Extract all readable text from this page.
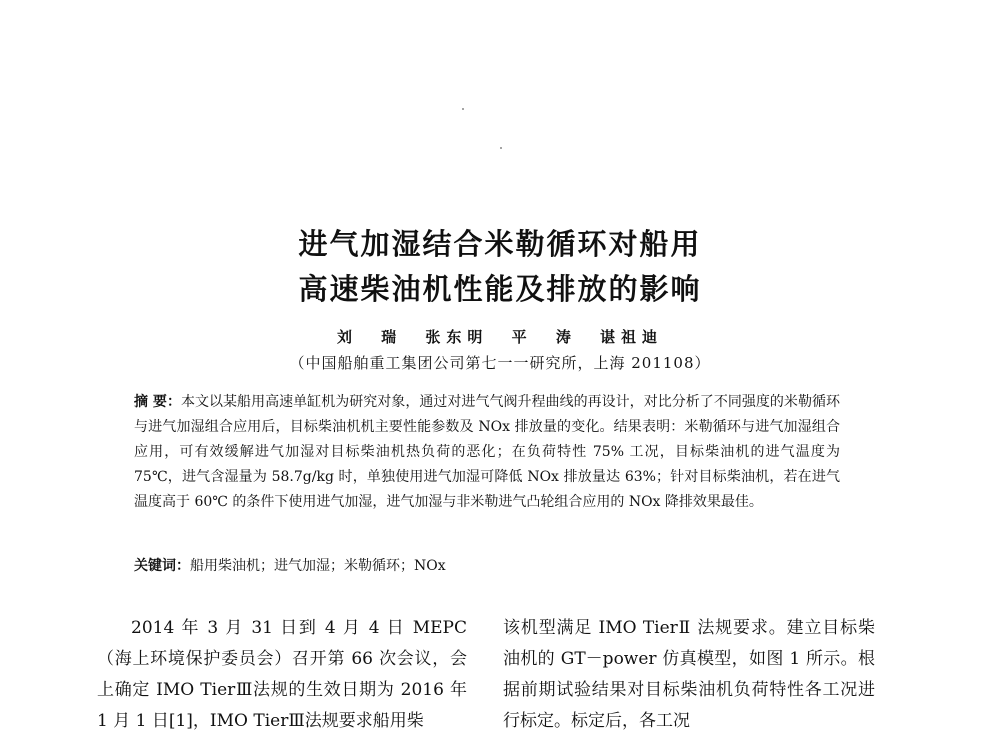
进气加湿结合米勒循环对船用
高速柴油机性能及排放的影响
刘 瑞 张东明 平 涛 谌祖迪
（中国船舶重工集团公司第七一一研究所，上海 201108）
摘 要：本文以某船用高速单缸机为研究对象，通过对进气气阀升程曲线的再设计，对比分析了不同强度的米勒循环与进气加湿组合应用后，目标柴油机机主要性能参数及 NOx 排放量的变化。结果表明：米勒循环与进气加湿组合应用，可有效缓解进气加湿对目标柴油机热负荷的恶化；在负荷特性 75% 工况，目标柴油机的进气温度为 75℃，进气含湿量为 58.7g/kg 时，单独使用进气加湿可降低 NOx 排放量达 63%；针对目标柴油机，若在进气温度高于 60℃ 的条件下使用进气加湿，进气加湿与非米勒进气凸轮组合应用的 NOx 降排效果最佳。
关键词：船用柴油机；进气加湿；米勒循环；NOx
2014 年 3 月 31 日到 4 月 4 日 MEPC（海上环境保护委员会）召开第 66 次会议，会上确定 IMO TierⅢ法规的生效日期为 2016 年 1 月 1 日[1]，IMO TierⅢ法规要求船用柴
该机型满足 IMO TierⅡ 法规要求。建立目标柴油机的 GT－power 仿真模型，如图 1 所示。根据前期试验结果对目标柴油机负荷特性各工况进行标定。标定后，各工况
